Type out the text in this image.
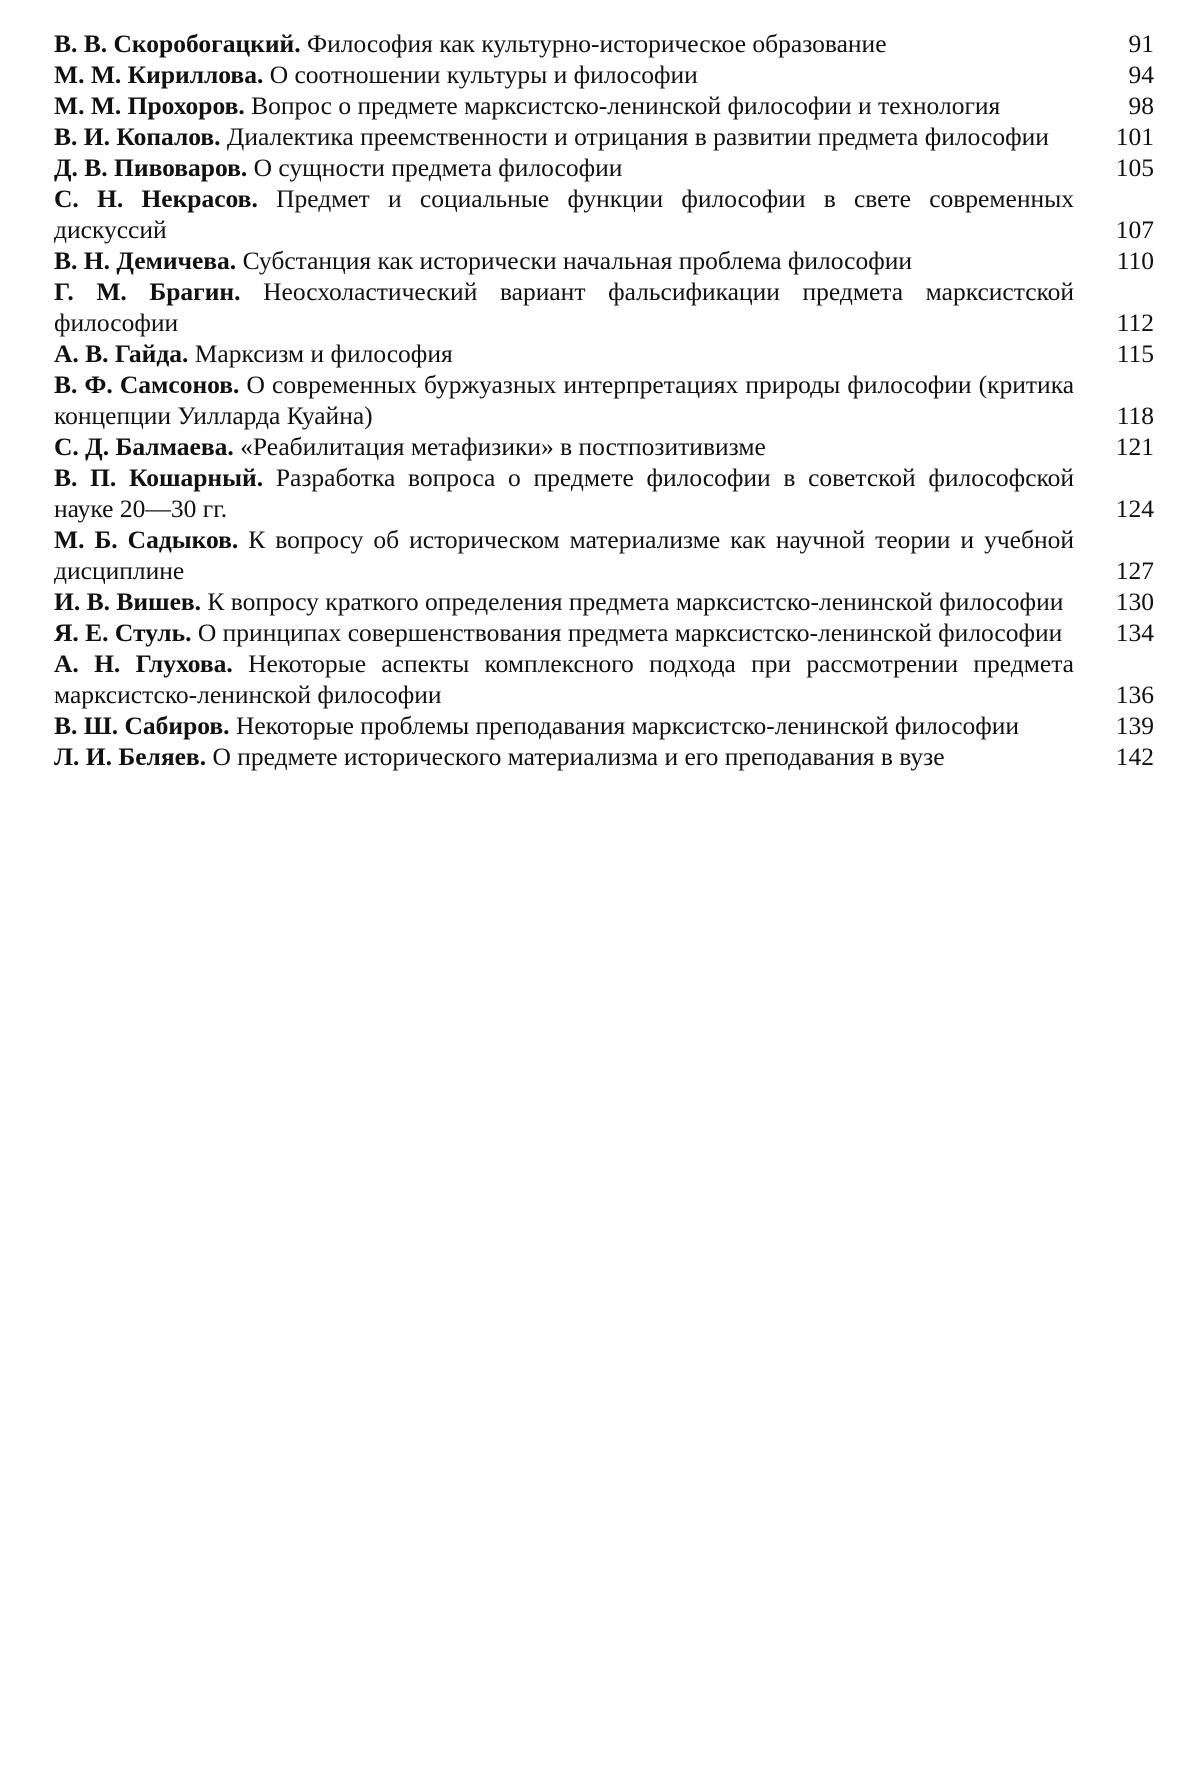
В. В. Скоробогацкий. Философия как культурно-историческое образование	91
М. М. Кириллова. О соотношении культуры и философии	94
М. М. Прохоров. Вопрос о предмете марксистско-ленинской философии и технология	98
В. И. Копалов. Диалектика преемственности и отрицания в развитии предмета философии	101
Д. В. Пивоваров. О сущности предмета философии	105
С. Н. Некрасов. Предмет и социальные функции философии в свете современных дискуссий	107
В. Н. Демичева. Субстанция как исторически начальная проблема философии	110
Г. М. Брагин. Неосхоластический вариант фальсификации предмета марксистской философии	112
А. В. Гайда. Марксизм и философия	115
В. Ф. Самсонов. О современных буржуазных интерпретациях природы философии (критика концепции Уилларда Куайна)	118
С. Д. Балмаева. «Реабилитация метафизики» в постпозитивизме	121
В. П. Кошарный. Разработка вопроса о предмете философии в советской философской науке 20—30 гг.	124
М. Б. Садыков. К вопросу об историческом материализме как научной теории и учебной дисциплине	127
И. В. Вишев. К вопросу краткого определения предмета марксистско-ленинской философии	130
Я. Е. Стуль. О принципах совершенствования предмета марксистско-ленинской философии	134
А. Н. Глухова. Некоторые аспекты комплексного подхода при рассмотрении предмета марксистско-ленинской философии	136
В. Ш. Сабиров. Некоторые проблемы преподавания марксистско-ленинской философии	139
Л. И. Беляев. О предмете исторического материализма и его преподавания в вузе	142
